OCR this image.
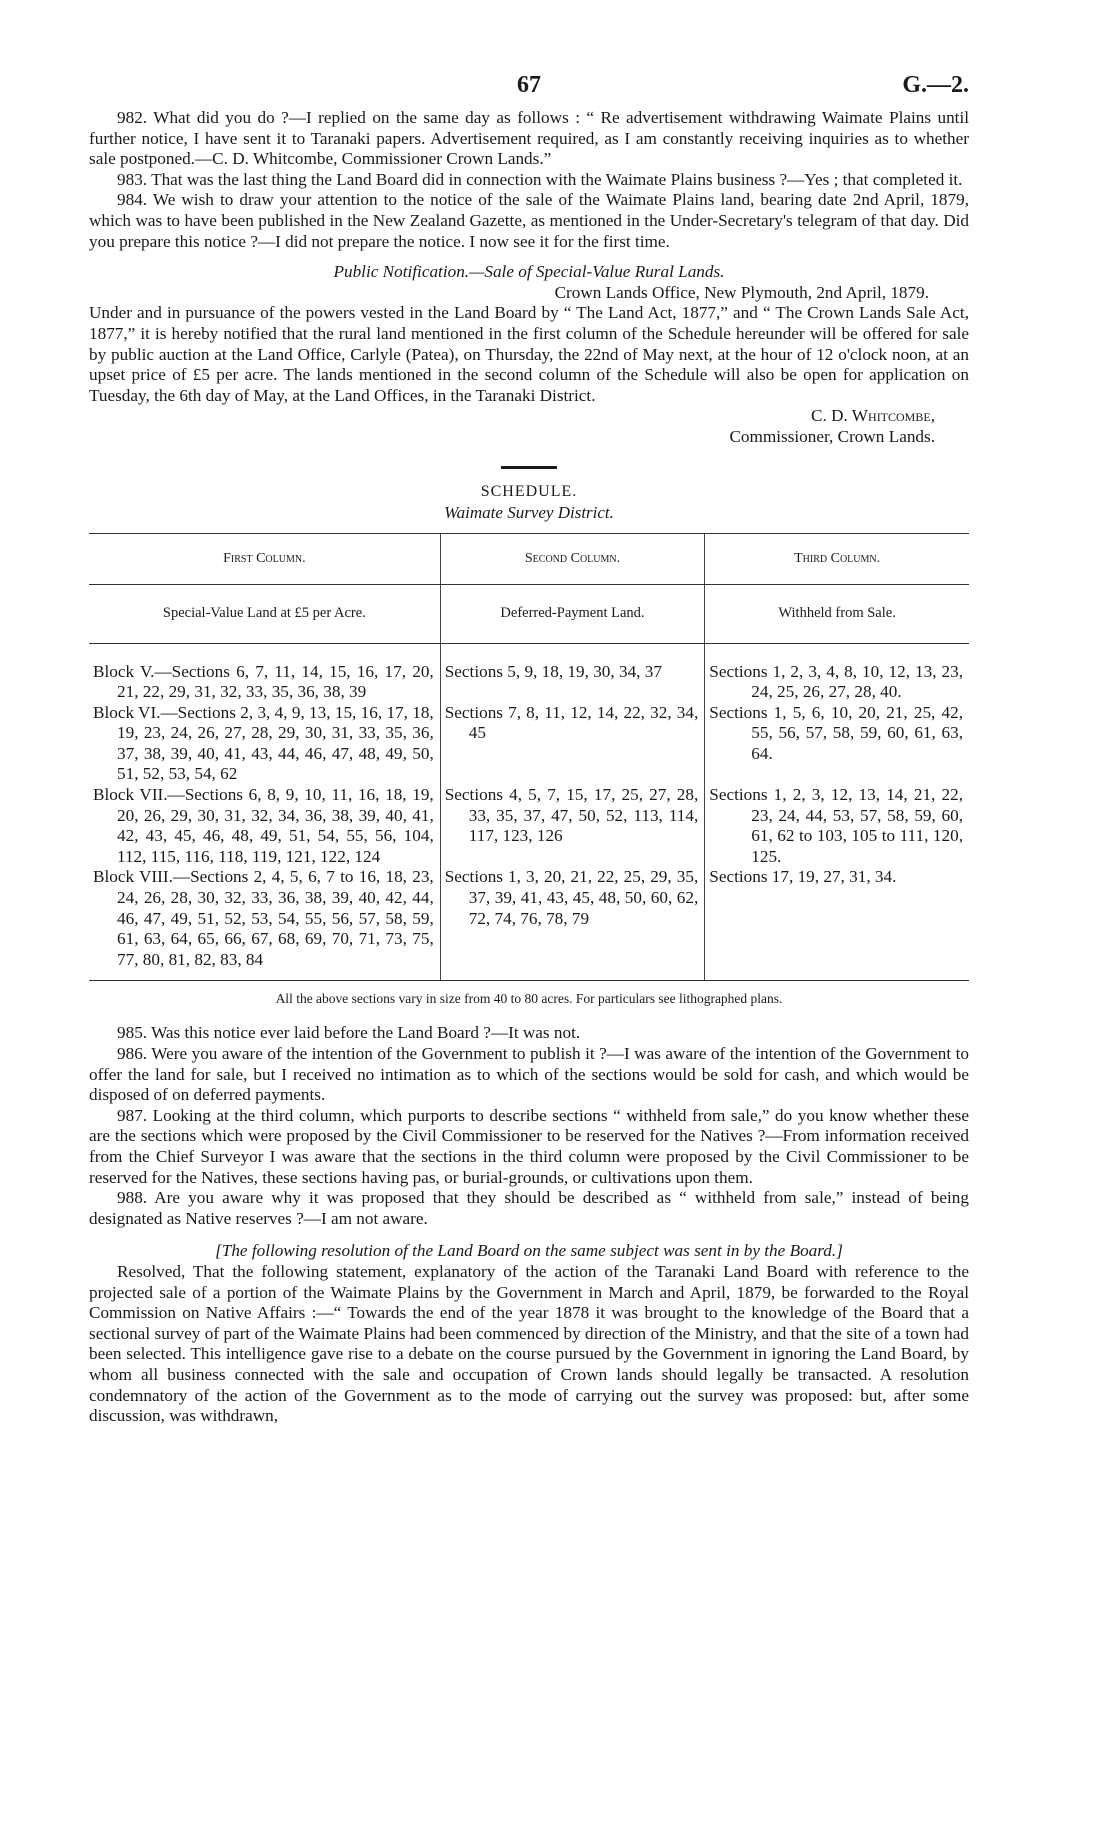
67	G.—2.

982. What did you do ?—I replied on the same day as follows : “ Re advertisement withdrawing Waimate Plains until further notice, I have sent it to Taranaki papers. Advertisement required, as I am constantly receiving inquiries as to whether sale postponed.—C. D. Whitcombe, Commissioner Crown Lands.”

983. That was the last thing the Land Board did in connection with the Waimate Plains business ?—Yes ; that completed it.

984. We wish to draw your attention to the notice of the sale of the Waimate Plains land, bearing date 2nd April, 1879, which was to have been published in the New Zealand Gazette, as mentioned in the Under-Secretary's telegram of that day. Did you prepare this notice ?—I did not prepare the notice. I now see it for the first time.

Public Notification.—Sale of Special-Value Rural Lands.

Crown Lands Office, New Plymouth, 2nd April, 1879.

Under and in pursuance of the powers vested in the Land Board by “ The Land Act, 1877,” and “ The Crown Lands Sale Act, 1877,” it is hereby notified that the rural land mentioned in the first column of the Schedule hereunder will be offered for sale by public auction at the Land Office, Carlyle (Patea), on Thursday, the 22nd of May next, at the hour of 12 o'clock noon, at an upset price of £5 per acre. The lands mentioned in the second column of the Schedule will also be open for application on Tuesday, the 6th day of May, at the Land Offices, in the Taranaki District.

C. D. Whitcombe,

Commissioner, Crown Lands.

SCHEDULE.
Waimate Survey District.
First Column.	Second Column.	Third Column.
Special-Value Land at £5 per Acre.	Deferred-Payment Land.	Withheld from Sale.

Block V.—Sections 6, 7, 11, 14, 15, 16, 17, 20, 21, 22, 29, 31, 32, 33, 35, 36, 38, 39	Sections 5, 9, 18, 19, 30, 34, 37	Sections 1, 2, 3, 4, 8, 10, 12, 13, 23, 24, 25, 26, 27, 28, 40.

Block VI.—Sections 2, 3, 4, 9, 13, 15, 16, 17, 18, 19, 23, 24, 26, 27, 28, 29, 30, 31, 33, 35, 36, 37, 38, 39, 40, 41, 43, 44, 46, 47, 48, 49, 50, 51, 52, 53, 54, 62	Sections 7, 8, 11, 12, 14, 22, 32, 34, 45	Sections 1, 5, 6, 10, 20, 21, 25, 42, 55, 56, 57, 58, 59, 60, 61, 63, 64.

Block VII.—Sections 6, 8, 9, 10, 11, 16, 18, 19, 20, 26, 29, 30, 31, 32, 34, 36, 38, 39, 40, 41, 42, 43, 45, 46, 48, 49, 51, 54, 55, 56, 104, 112, 115, 116, 118, 119, 121, 122, 124	Sections 4, 5, 7, 15, 17, 25, 27, 28, 33, 35, 37, 47, 50, 52, 113, 114, 117, 123, 126	Sections 1, 2, 3, 12, 13, 14, 21, 22, 23, 24, 44, 53, 57, 58, 59, 60, 61, 62 to 103, 105 to 111, 120, 125.

Block VIII.—Sections 2, 4, 5, 6, 7 to 16, 18, 23, 24, 26, 28, 30, 32, 33, 36, 38, 39, 40, 42, 44, 46, 47, 49, 51, 52, 53, 54, 55, 56, 57, 58, 59, 61, 63, 64, 65, 66, 67, 68, 69, 70, 71, 73, 75, 77, 80, 81, 82, 83, 84	Sections 1, 3, 20, 21, 22, 25, 29, 35, 37, 39, 41, 43, 45, 48, 50, 60, 62, 72, 74, 76, 78, 79	Sections 17, 19, 27, 31, 34.
All the above sections vary in size from 40 to 80 acres. For particulars see lithographed plans.

985. Was this notice ever laid before the Land Board ?—It was not.

986. Were you aware of the intention of the Government to publish it ?—I was aware of the intention of the Government to offer the land for sale, but I received no intimation as to which of the sections would be sold for cash, and which would be disposed of on deferred payments.

987. Looking at the third column, which purports to describe sections “ withheld from sale,” do you know whether these are the sections which were proposed by the Civil Commissioner to be reserved for the Natives ?—From information received from the Chief Surveyor I was aware that the sections in the third column were proposed by the Civil Commissioner to be reserved for the Natives, these sections having pas, or burial-grounds, or cultivations upon them.

988. Are you aware why it was proposed that they should be described as “ withheld from sale,” instead of being designated as Native reserves ?—I am not aware.

[The following resolution of the Land Board on the same subject was sent in by the Board.]

Resolved, That the following statement, explanatory of the action of the Taranaki Land Board with reference to the projected sale of a portion of the Waimate Plains by the Government in March and April, 1879, be forwarded to the Royal Commission on Native Affairs :—“ Towards the end of the year 1878 it was brought to the knowledge of the Board that a sectional survey of part of the Waimate Plains had been commenced by direction of the Ministry, and that the site of a town had been selected. This intelligence gave rise to a debate on the course pursued by the Government in ignoring the Land Board, by whom all business connected with the sale and occupation of Crown lands should legally be transacted. A resolution condemnatory of the action of the Government as to the mode of carrying out the survey was proposed: but, after some discussion, was withdrawn,
